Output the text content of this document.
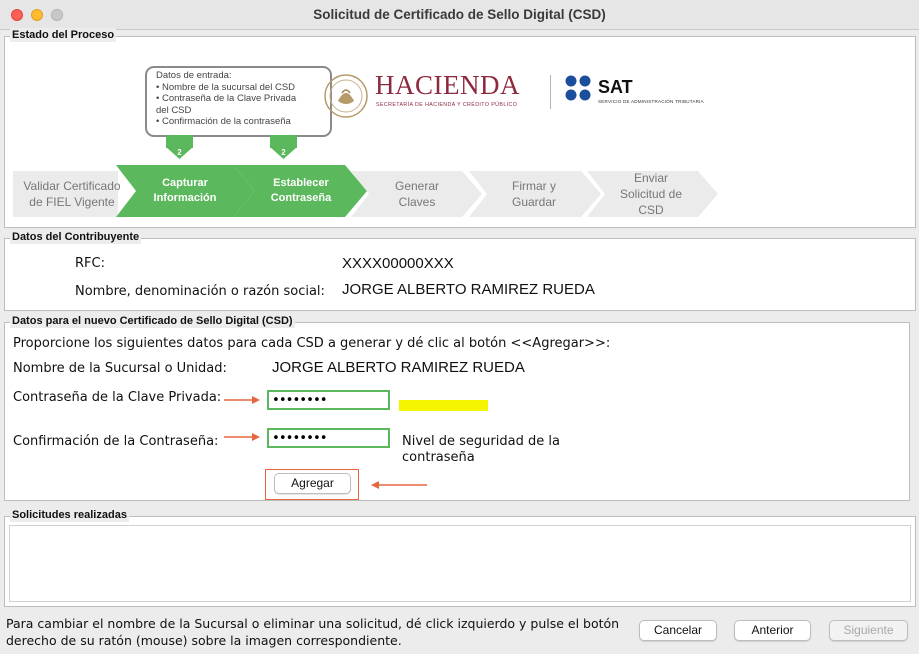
Solicitud de Certificado de Sello Digital (CSD)
Estado del Proceso
Datos de entrada:
• Nombre de la sucursal del CSD
• Contraseña de la Clave Privada
del CSD
• Confirmación de la contraseña
2	2
HACIENDA
SECRETARÍA DE HACIENDA Y CRÉDITO PÚBLICO
SAT
SERVICIO DE ADMINISTRACIÓN TRIBUTARIA
Validar Certificado
de FIEL Vigente
Capturar
Información
Establecer
Contraseña
Generar
Claves
Firmar y
Guardar
Enviar
Solicitud de
CSD
Datos del Contribuyente
RFC:	XXXX00000XXX
Nombre, denominación o razón social: JORGE ALBERTO RAMIREZ RUEDA
Datos para el nuevo Certificado de Sello Digital (CSD)
Proporcione los siguientes datos para cada CSD a generar y dé clic al botón <<Agregar>>:
Nombre de la Sucursal o Unidad:	JORGE ALBERTO RAMIREZ RUEDA
Contraseña de la Clave Privada:
••••••••
Confirmación de la Contraseña:
••••••••	Nivel de seguridad de la contraseña
Agregar
Solicitudes realizadas
Para cambiar el nombre de la Sucursal o eliminar una solicitud, dé click izquierdo y pulse el botón derecho de su ratón (mouse) sobre la imagen correspondiente.
Cancelar	Anterior	Siguiente
